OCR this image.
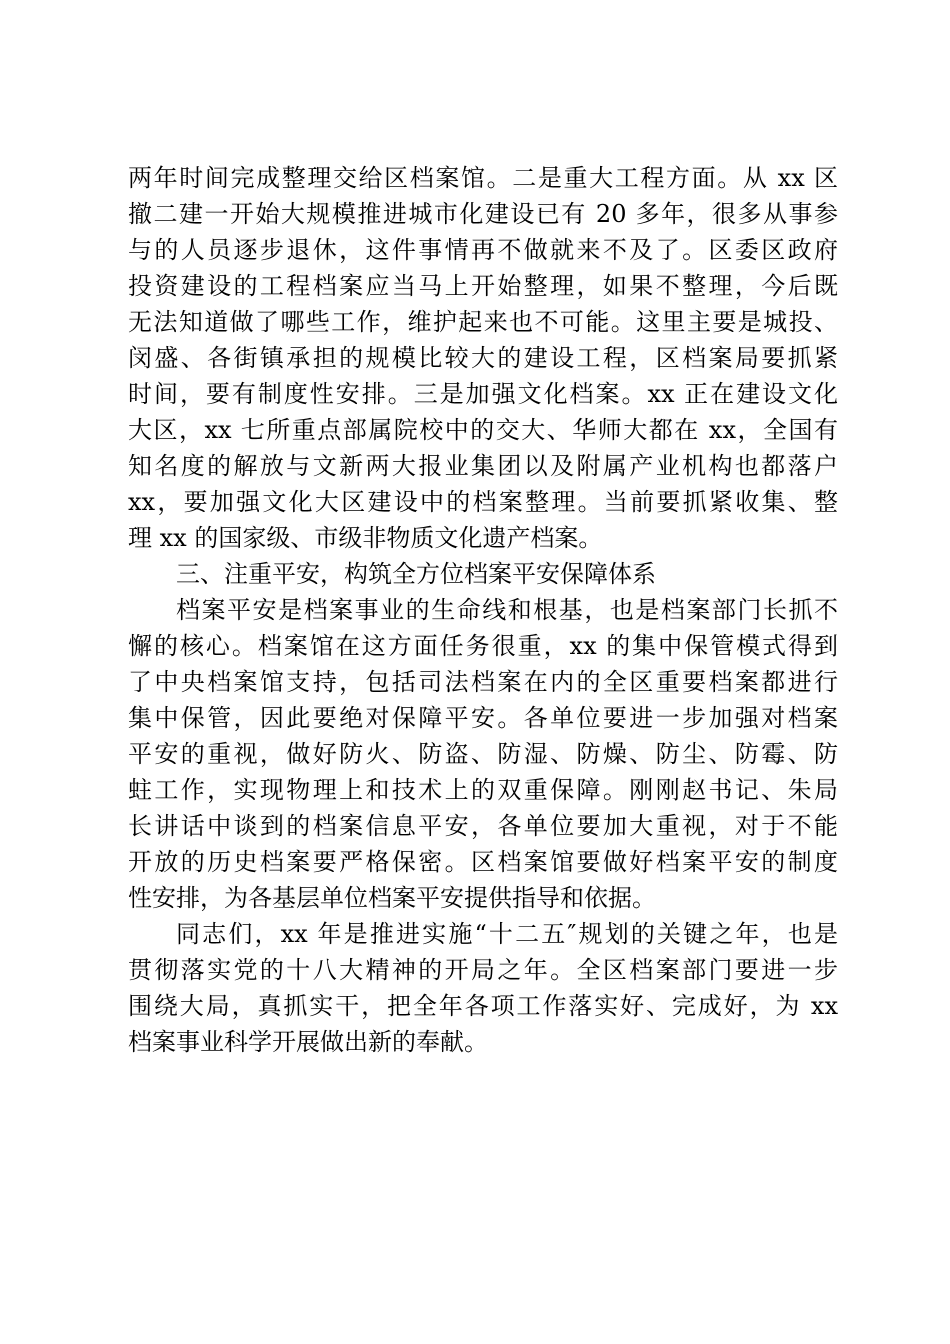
两年时间完成整理交给区档案馆。二是重大工程方面。从 xx 区
撤二建一开始大规模推进城市化建设已有 20 多年，很多从事参
与的人员逐步退休，这件事情再不做就来不及了。区委区政府
投资建设的工程档案应当马上开始整理，如果不整理，今后既
无法知道做了哪些工作，维护起来也不可能。这里主要是城投、
闵盛、各街镇承担的规模比较大的建设工程，区档案局要抓紧
时间，要有制度性安排。三是加强文化档案。xx 正在建设文化
大区，xx 七所重点部属院校中的交大、华师大都在 xx，全国有
知名度的解放与文新两大报业集团以及附属产业机构也都落户
xx，要加强文化大区建设中的档案整理。当前要抓紧收集、整
理 xx 的国家级、市级非物质文化遗产档案。
三、注重平安，构筑全方位档案平安保障体系
档案平安是档案事业的生命线和根基，也是档案部门长抓不
懈的核心。档案馆在这方面任务很重，xx 的集中保管模式得到
了中央档案馆支持，包括司法档案在内的全区重要档案都进行
集中保管，因此要绝对保障平安。各单位要进一步加强对档案
平安的重视，做好防火、防盗、防湿、防燥、防尘、防霉、防
蛀工作，实现物理上和技术上的双重保障。刚刚赵书记、朱局
长讲话中谈到的档案信息平安，各单位要加大重视，对于不能
开放的历史档案要严格保密。区档案馆要做好档案平安的制度
性安排，为各基层单位档案平安提供指导和依据。
同志们，xx 年是推进实施“十二五″规划的关键之年，也是
贯彻落实党的十八大精神的开局之年。全区档案部门要进一步
围绕大局，真抓实干，把全年各项工作落实好、完成好，为 xx
档案事业科学开展做出新的奉献。
